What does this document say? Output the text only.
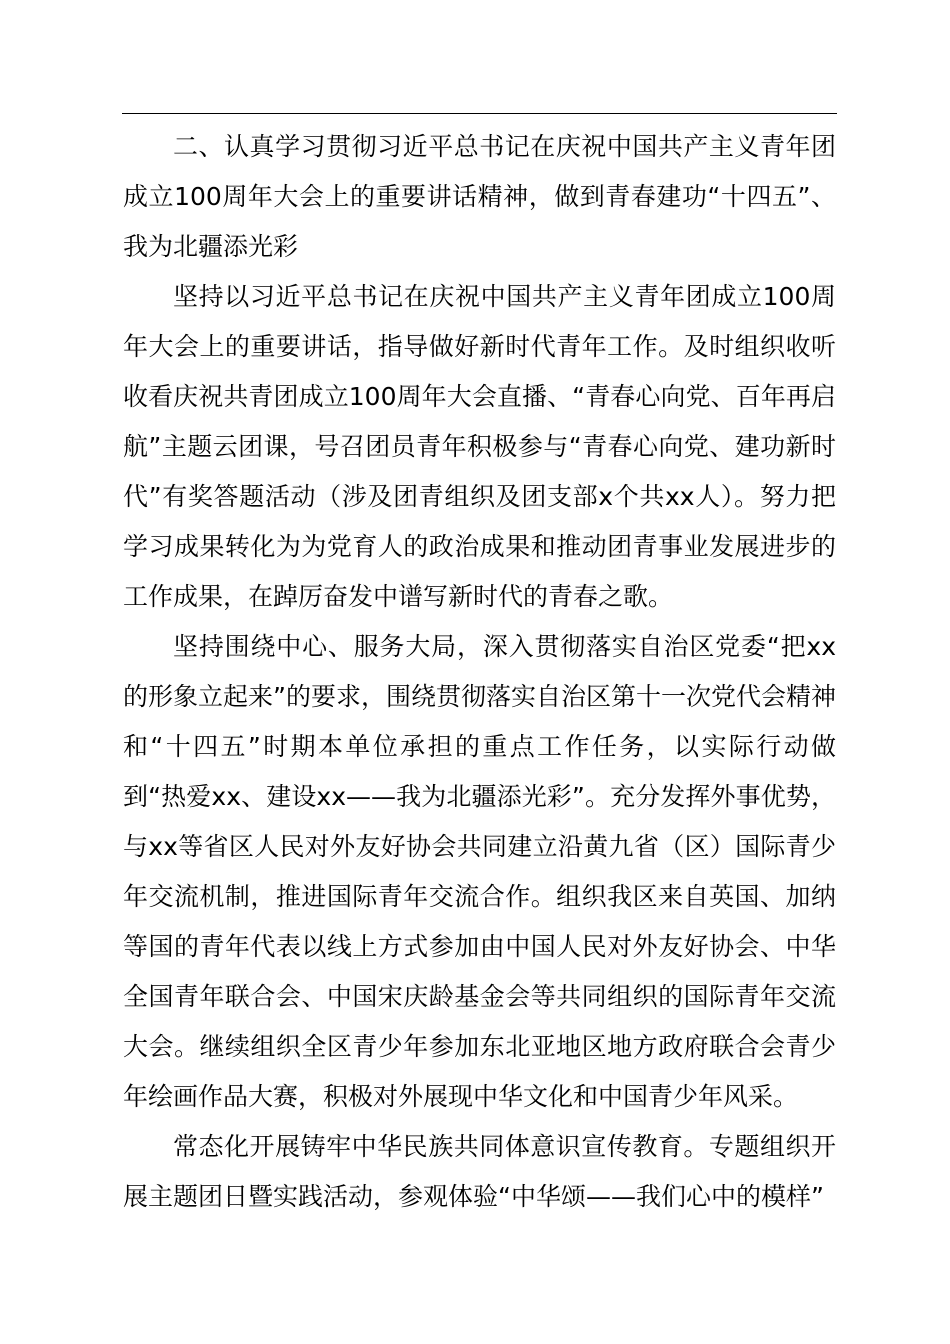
二、认真学习贯彻习近平总书记在庆祝中国共产主义青年团成立100周年大会上的重要讲话精神，做到青春建功“十四五”、我为北疆添光彩

坚持以习近平总书记在庆祝中国共产主义青年团成立100周年大会上的重要讲话，指导做好新时代青年工作。及时组织收听收看庆祝共青团成立100周年大会直播、“青春心向党、百年再启航”主题云团课，号召团员青年积极参与“青春心向党、建功新时代”有奖答题活动（涉及团青组织及团支部x个共xx人）。努力把学习成果转化为为党育人的政治成果和推动团青事业发展进步的工作成果，在踔厉奋发中谱写新时代的青春之歌。

坚持围绕中心、服务大局，深入贯彻落实自治区党委“把xx的形象立起来”的要求，围绕贯彻落实自治区第十一次党代会精神和“十四五”时期本单位承担的重点工作任务，以实际行动做到“热爱xx、建设xx——我为北疆添光彩”。充分发挥外事优势，与xx等省区人民对外友好协会共同建立沿黄九省（区）国际青少年交流机制，推进国际青年交流合作。组织我区来自英国、加纳等国的青年代表以线上方式参加由中国人民对外友好协会、中华全国青年联合会、中国宋庆龄基金会等共同组织的国际青年交流大会。继续组织全区青少年参加东北亚地区地方政府联合会青少年绘画作品大赛，积极对外展现中华文化和中国青少年风采。

常态化开展铸牢中华民族共同体意识宣传教育。专题组织开展主题团日暨实践活动，参观体验“中华颂——我们心中的模样”
